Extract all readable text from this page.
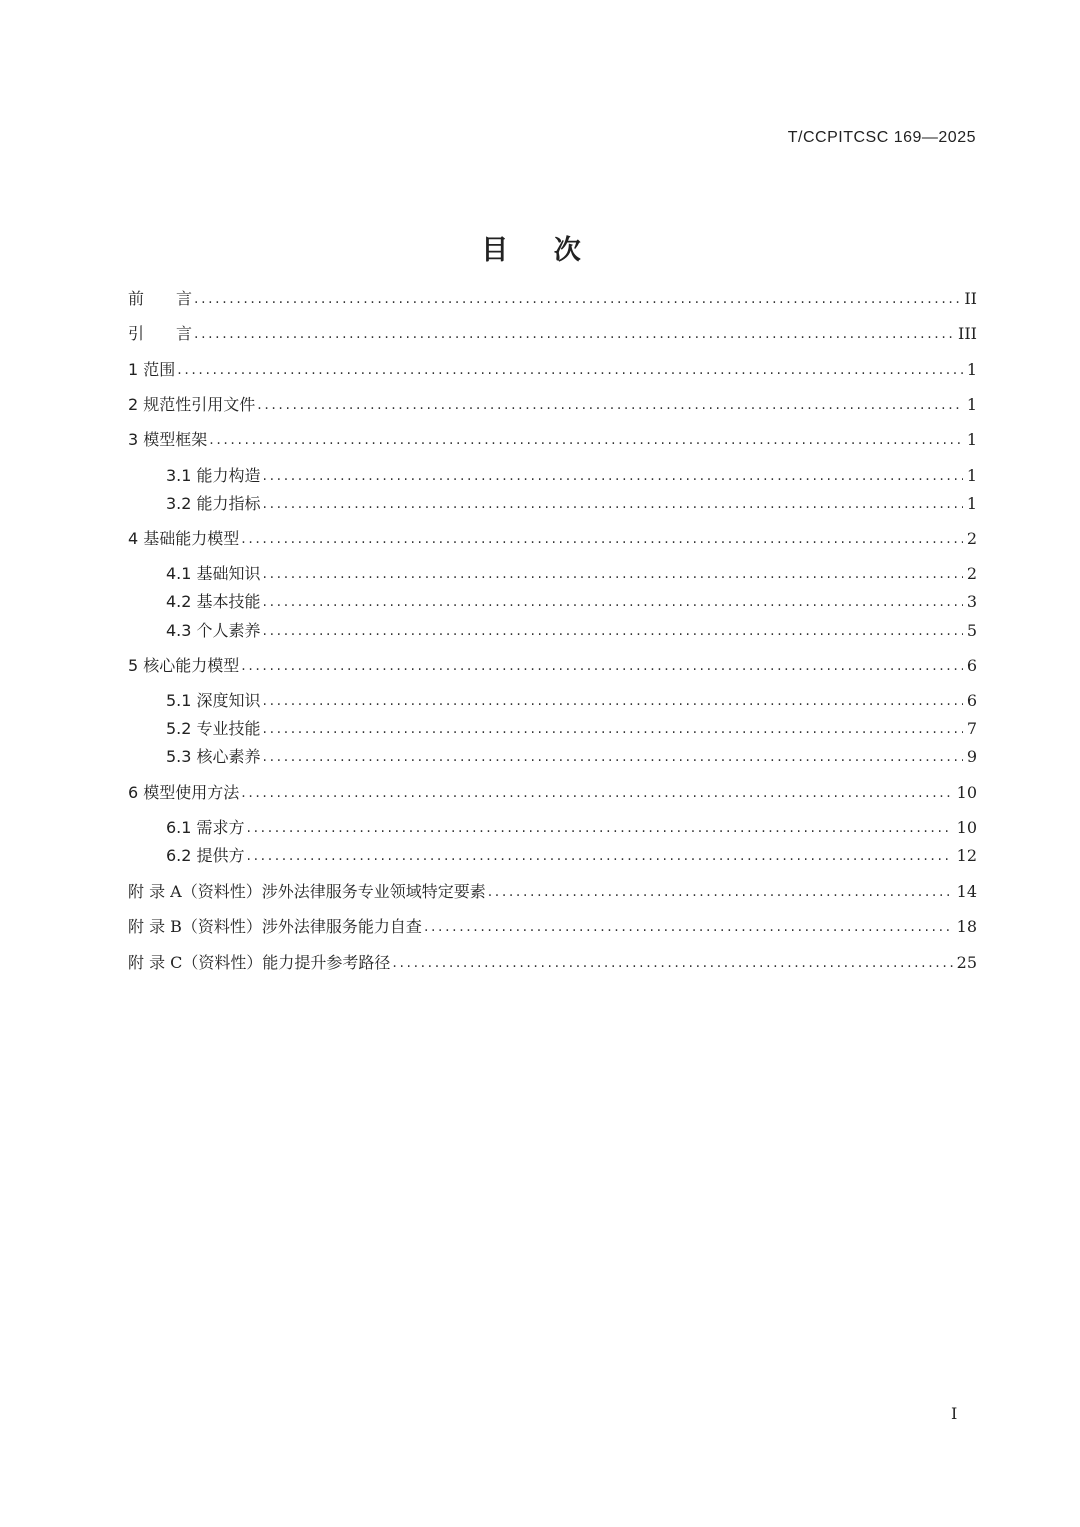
T/CCPITCSC 169—2025
目 次
前　　言 .....	II
引　　言 .....	III
1 范围 .....	1
2 规范性引用文件 .....	1
3 模型框架 .....	1
3.1 能力构造 .....	1
3.2 能力指标 .....	1
4 基础能力模型 .....	2
4.1 基础知识 .....	2
4.2 基本技能 .....	3
4.3 个人素养 .....	5
5 核心能力模型 .....	6
5.1 深度知识 .....	6
5.2 专业技能 .....	7
5.3 核心素养 .....	9
6 模型使用方法 .....	10
6.1 需求方 .....	10
6.2 提供方 .....	12
附 录 A（资料性）涉外法律服务专业领域特定要素 .....	14
附 录 B（资料性）涉外法律服务能力自查 .....	18
附 录 C（资料性）能力提升参考路径 .....	25
I
